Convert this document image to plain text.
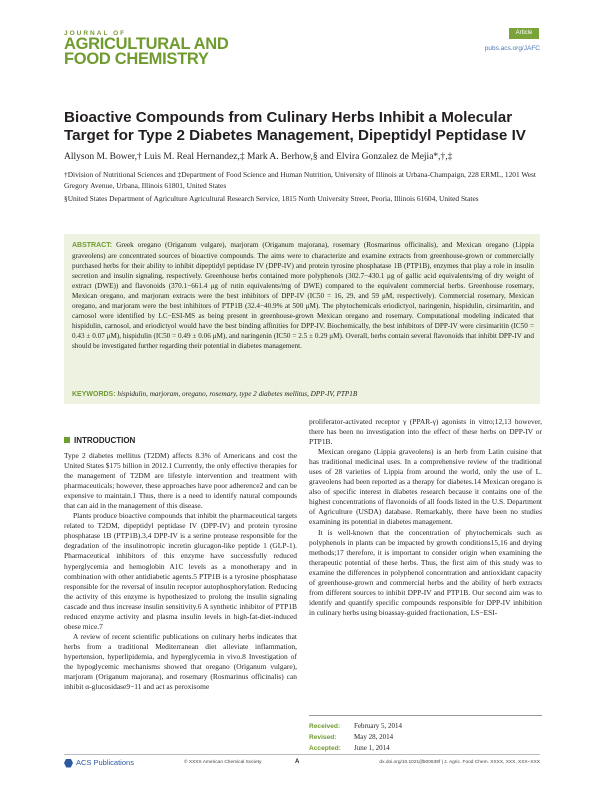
JOURNAL OF
AGRICULTURAL AND
FOOD CHEMISTRY
Article
pubs.acs.org/JAFC
Bioactive Compounds from Culinary Herbs Inhibit a Molecular Target for Type 2 Diabetes Management, Dipeptidyl Peptidase IV
Allyson M. Bower,† Luis M. Real Hernandez,‡ Mark A. Berhow,§ and Elvira Gonzalez de Mejia*,†,‡

†Division of Nutritional Sciences and ‡Department of Food Science and Human Nutrition, University of Illinois at Urbana-Champaign, 228 ERML, 1201 West Gregory Avenue, Urbana, Illinois 61801, United States

§United States Department of Agriculture Agricultural Research Service, 1815 North University Street, Peoria, Illinois 61604, United States

ABSTRACT: Greek oregano (Origanum vulgare), marjoram (Origanum majorana), rosemary (Rosmarinus officinalis), and Mexican oregano (Lippia graveolens) are concentrated sources of bioactive compounds. The aims were to characterize and examine extracts from greenhouse-grown or commercially purchased herbs for their ability to inhibit dipeptidyl peptidase IV (DPP-IV) and protein tyrosine phosphatase 1B (PTP1B), enzymes that play a role in insulin secretion and insulin signaling, respectively. Greenhouse herbs contained more polyphenols (302.7−430.1 μg of gallic acid equivalents/mg of dry weight of extract (DWE)) and flavonoids (370.1−661.4 μg of rutin equivalents/mg of DWE) compared to the equivalent commercial herbs. Greenhouse rosemary, Mexican oregano, and marjoram extracts were the best inhibitors of DPP-IV (IC50 = 16, 29, and 59 μM, respectively). Commercial rosemary, Mexican oregano, and marjoram were the best inhibitors of PTP1B (32.4−40.9% at 500 μM). The phytochemicals eriodictyol, naringenin, hispidulin, cirsimaritin, and carnosol were identified by LC−ESI-MS as being present in greenhouse-grown Mexican oregano and rosemary. Computational modeling indicated that hispidulin, carnosol, and eriodictyol would have the best binding affinities for DPP-IV. Biochemically, the best inhibitors of DPP-IV were cirsimaritin (IC50 = 0.43 ± 0.07 μM), hispidulin (IC50 = 0.49 ± 0.06 μM), and naringenin (IC50 = 2.5 ± 0.29 μM). Overall, herbs contain several flavonoids that inhibit DPP-IV and should be investigated further regarding their potential in diabetes management.
KEYWORDS: hispidulin, marjoram, oregano, rosemary, type 2 diabetes mellitus, DPP-IV, PTP1B
INTRODUCTION

Type 2 diabetes mellitus (T2DM) affects 8.3% of Americans and cost the United States $175 billion in 2012.1 Currently, the only effective therapies for the management of T2DM are lifestyle intervention and treatment with pharmaceuticals; however, these approaches have poor adherence2 and can be expensive to maintain.1 Thus, there is a need to identify natural compounds that can aid in the management of this disease.

Plants produce bioactive compounds that inhibit the pharmaceutical targets related to T2DM, dipeptidyl peptidase IV (DPP-IV) and protein tyrosine phosphatase 1B (PTP1B).3,4 DPP-IV is a serine protease responsible for the degradation of the insulinotropic incretin glucagon-like peptide 1 (GLP-1). Pharmaceutical inhibitors of this enzyme have successfully reduced hyperglycemia and hemoglobin A1C levels as a monotherapy and in combination with other antidiabetic agents.5 PTP1B is a tyrosine phosphatase responsible for the reversal of insulin receptor autophosphorylation. Reducing the activity of this enzyme is hypothesized to prolong the insulin signaling cascade and thus increase insulin sensitivity.6 A synthetic inhibitor of PTP1B reduced enzyme activity and plasma insulin levels in high-fat-diet-induced obese mice.7

A review of recent scientific publications on culinary herbs indicates that herbs from a traditional Mediterranean diet alleviate inflammation, hypertension, hyperlipidemia, and hyperglycemia in vivo.8 Investigation of the hypoglycemic mechanisms showed that oregano (Origanum vulgare), marjoram (Origanum majorana), and rosemary (Rosmarinus officinalis) can inhibit α-glucosidase9−11 and act as peroxisome

proliferator-activated receptor γ (PPAR-γ) agonists in vitro;12,13 however, there has been no investigation into the effect of these herbs on DPP-IV or PTP1B.

Mexican oregano (Lippia graveolens) is an herb from Latin cuisine that has traditional medicinal uses. In a comprehensive review of the traditional uses of 28 varieties of Lippia from around the world, only the use of L. graveolens had been reported as a therapy for diabetes.14 Mexican oregano is also of specific interest in diabetes research because it contains one of the highest concentrations of flavonoids of all foods listed in the U.S. Department of Agriculture (USDA) database. Remarkably, there have been no studies examining its potential in diabetes management.

It is well-known that the concentration of phytochemicals such as polyphenols in plants can be impacted by growth conditions15,16 and drying methods;17 therefore, it is important to consider origin when examining the therapeutic potential of these herbs. Thus, the first aim of this study was to examine the differences in polyphenol concentration and antioxidant capacity of greenhouse-grown and commercial herbs and the ability of herb extracts from different sources to inhibit DPP-IV and PTP1B. Our second aim was to identify and quantify specific compounds responsible for DPP-IV inhibition in culinary herbs using bioassay-guided fractionation, LS−ESI-

Received: February 5, 2014
Revised:	May 28, 2014
Accepted: June 1, 2014
ACS Publications	© XXXX American Chemical Society	A	dx.doi.org/10.1021/jf500639f | J. Agric. Food Chem. XXXX, XXX, XXX−XXX
